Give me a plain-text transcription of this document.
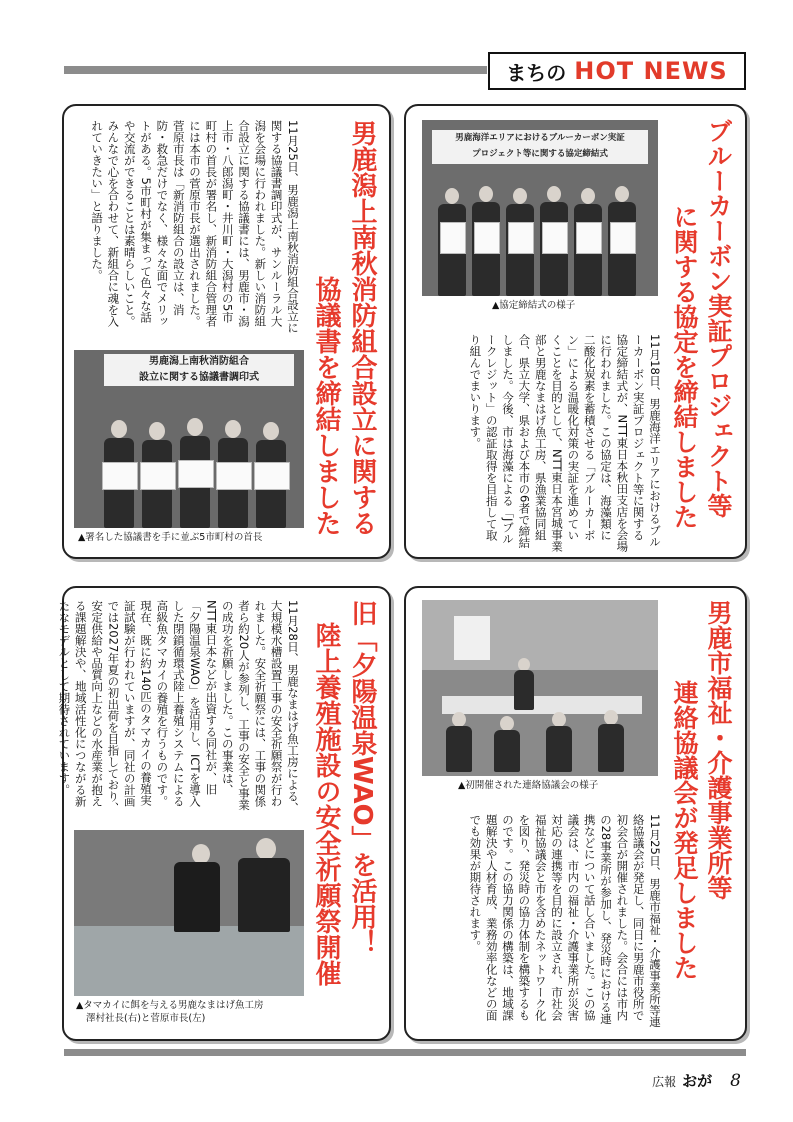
まちの HOT NEWS
男鹿潟上南秋消防組合設立に関する
協議書を締結しました
11月25日、男鹿潟上南秋消防組合設立に関する協議書調印式が、サンルーラル大潟を会場に行われました。新しい消防組合設立に関する協議書には、男鹿市・潟上市・八郎潟町・井川町・大潟村の5市町村の首長が署名し、新消防組合管理者には本市の菅原市長が選出されました。菅原市長は「新消防組合の設立は、消防・救急だけでなく、様々な面でメリットがある。5市町村が集まって色々な話や交流ができることは素晴らしいこと。みんなで心を合わせて、新組合に魂を入れていきたい」と語りました。
男鹿潟上南秋消防組合
設立に関する協議書調印式
▲署名した協議書を手に並ぶ5市町村の首長
ブルーカーボン実証プロジェクト等
に関する協定を締結しました
男鹿海洋エリアにおけるブルーカーボン実証
プロジェクト等に関する協定締結式
▲協定締結式の様子
11月18日、男鹿海洋エリアにおけるブルーカーボン実証プロジェクト等に関する協定締結式が、NTT東日本秋田支店を会場に行われました。この協定は、海藻類に二酸化炭素を蓄積させる「ブルーカーボン」による温暖化対策の実証を進めていくことを目的として、NTT東日本宮城事業部と男鹿なまはげ魚工房、県漁業協同組合、県立大学、県および本市の6者で締結しました。今後、市は海藻による「Jブルークレジット」の認証取得を目指して取り組んでまいります。
旧「夕陽温泉WAO」を活用！
陸上養殖施設の安全祈願祭開催
11月28日、男鹿なまはげ魚工房による、大規模水槽設置工事の安全祈願祭が行われました。安全祈願祭には、工事の関係者ら約20人が参列し、工事の安全と事業の成功を祈願しました。この事業は、NTT東日本などが出資する同社が、旧「夕陽温泉WAO」を活用し、ICTを導入した閉鎖循環式陸上養殖システムによる高級魚タマカイの養殖を行うものです。現在、既に約140匹のタマカイの養殖実証試験が行われていますが、同社の計画では2027年夏の初出荷を目指しており、安定供給や品質向上などの水産業が抱える課題解決や、地域活性化につながる新たなモデルとして期待されています。
▲タマカイに餌を与える男鹿なまはげ魚工房
澤村社長(右)と菅原市長(左)
男鹿市福祉・介護事業所等
連絡協議会が発足しました
▲初開催された連絡協議会の様子
11月25日、男鹿市福祉・介護事業所等連絡協議会が発足し、同日に男鹿市役所で初会合が開催されました。会合には市内の28事業所が参加し、発災時における連携などについて話し合いました。この協議会は、市内の福祉・介護事業所が災害対応の連携等を目的に設立され、市社会福祉協議会と市を含めたネットワーク化を図り、発災時の協力体制を構築するものです。この協力関係の構築は、地域課題解決や人材育成、業務効率化などの面でも効果が期待されます。
広報 おが 8
